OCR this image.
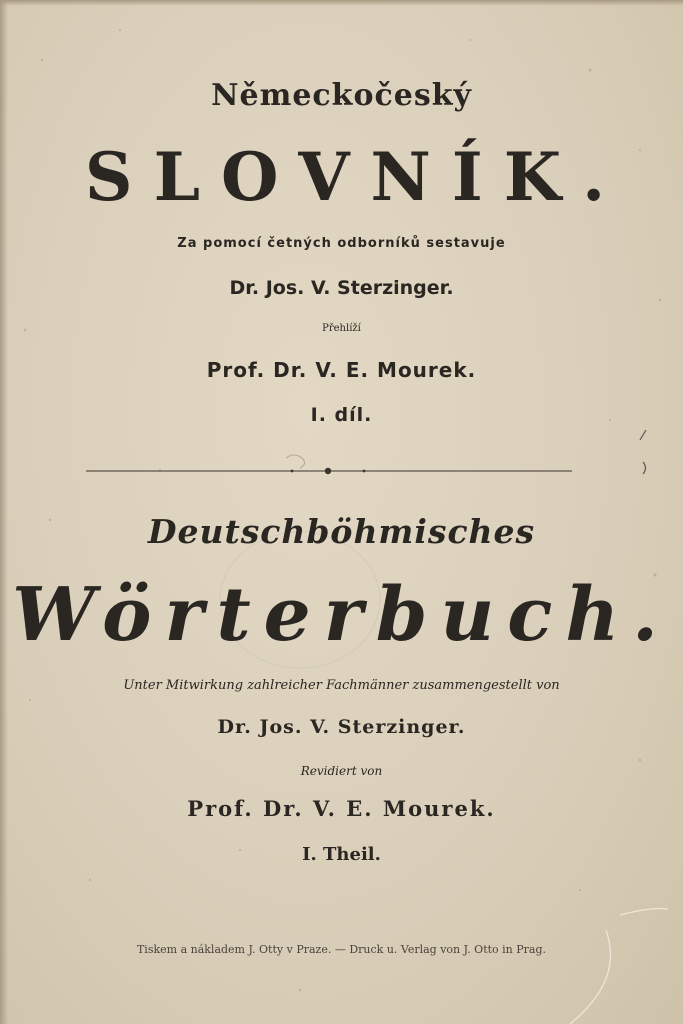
Německočeský
SLOVNÍK.
Za pomocí četných odborníků sestavuje
Dr. Jos. V. Sterzinger.
Přehlíží
Prof. Dr. V. E. Mourek.
I. díl.
Deutschböhmisches
Wörterbuch.
Unter Mitwirkung zahlreicher Fachmänner zusammengestellt von
Dr. Jos. V. Sterzinger.
Revidiert von
Prof. Dr. V. E. Mourek.
I. Theil.
Tiskem a nákladem J. Otty v Praze. — Druck u. Verlag von J. Otto in Prag.
